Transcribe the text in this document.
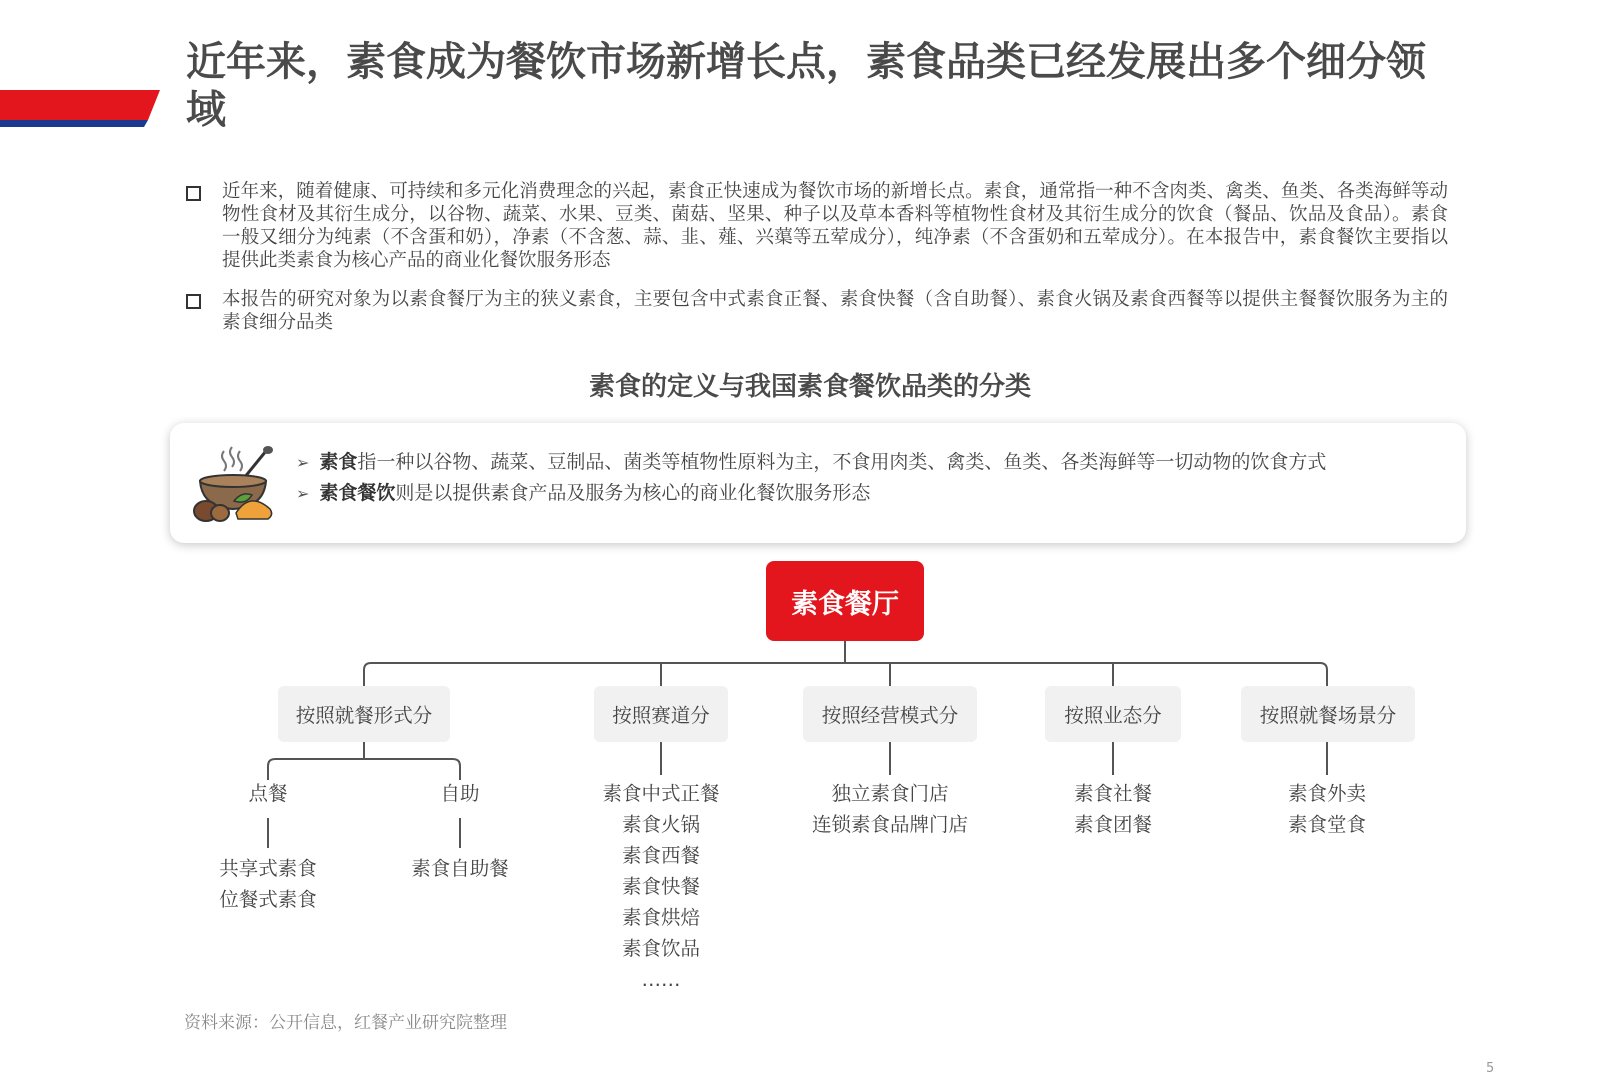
近年来，素食成为餐饮市场新增长点，素食品类已经发展出多个细分领域
近年来，随着健康、可持续和多元化消费理念的兴起，素食正快速成为餐饮市场的新增长点。素食，通常指一种不含肉类、禽类、鱼类、各类海鲜等动物性食材及其衍生成分，以谷物、蔬菜、水果、豆类、菌菇、坚果、种子以及草本香料等植物性食材及其衍生成分的饮食（餐品、饮品及食品）。素食一般又细分为纯素（不含蛋和奶），净素（不含葱、蒜、韭、薤、兴蕖等五荤成分），纯净素（不含蛋奶和五荤成分）。在本报告中，素食餐饮主要指以提供此类素食为核心产品的商业化餐饮服务形态
本报告的研究对象为以素食餐厅为主的狭义素食，主要包含中式素食正餐、素食快餐（含自助餐）、素食火锅及素食西餐等以提供主餐餐饮服务为主的素食细分品类
素食的定义与我国素食餐饮品类的分类
➢ 素食指一种以谷物、蔬菜、豆制品、菌类等植物性原料为主，不食用肉类、禽类、鱼类、各类海鲜等一切动物的饮食方式
➢ 素食餐饮则是以提供素食产品及服务为核心的商业化餐饮服务形态
素食餐厅
按照就餐形式分	按照赛道分	按照经营模式分	按照业态分	按照就餐场景分
点餐	自助
共享式素食
位餐式素食
素食自助餐
素食中式正餐
素食火锅
素食西餐
素食快餐
素食烘焙
素食饮品
……
独立素食门店
连锁素食品牌门店
素食社餐
素食团餐
素食外卖
素食堂食
资料来源：公开信息，红餐产业研究院整理
5
